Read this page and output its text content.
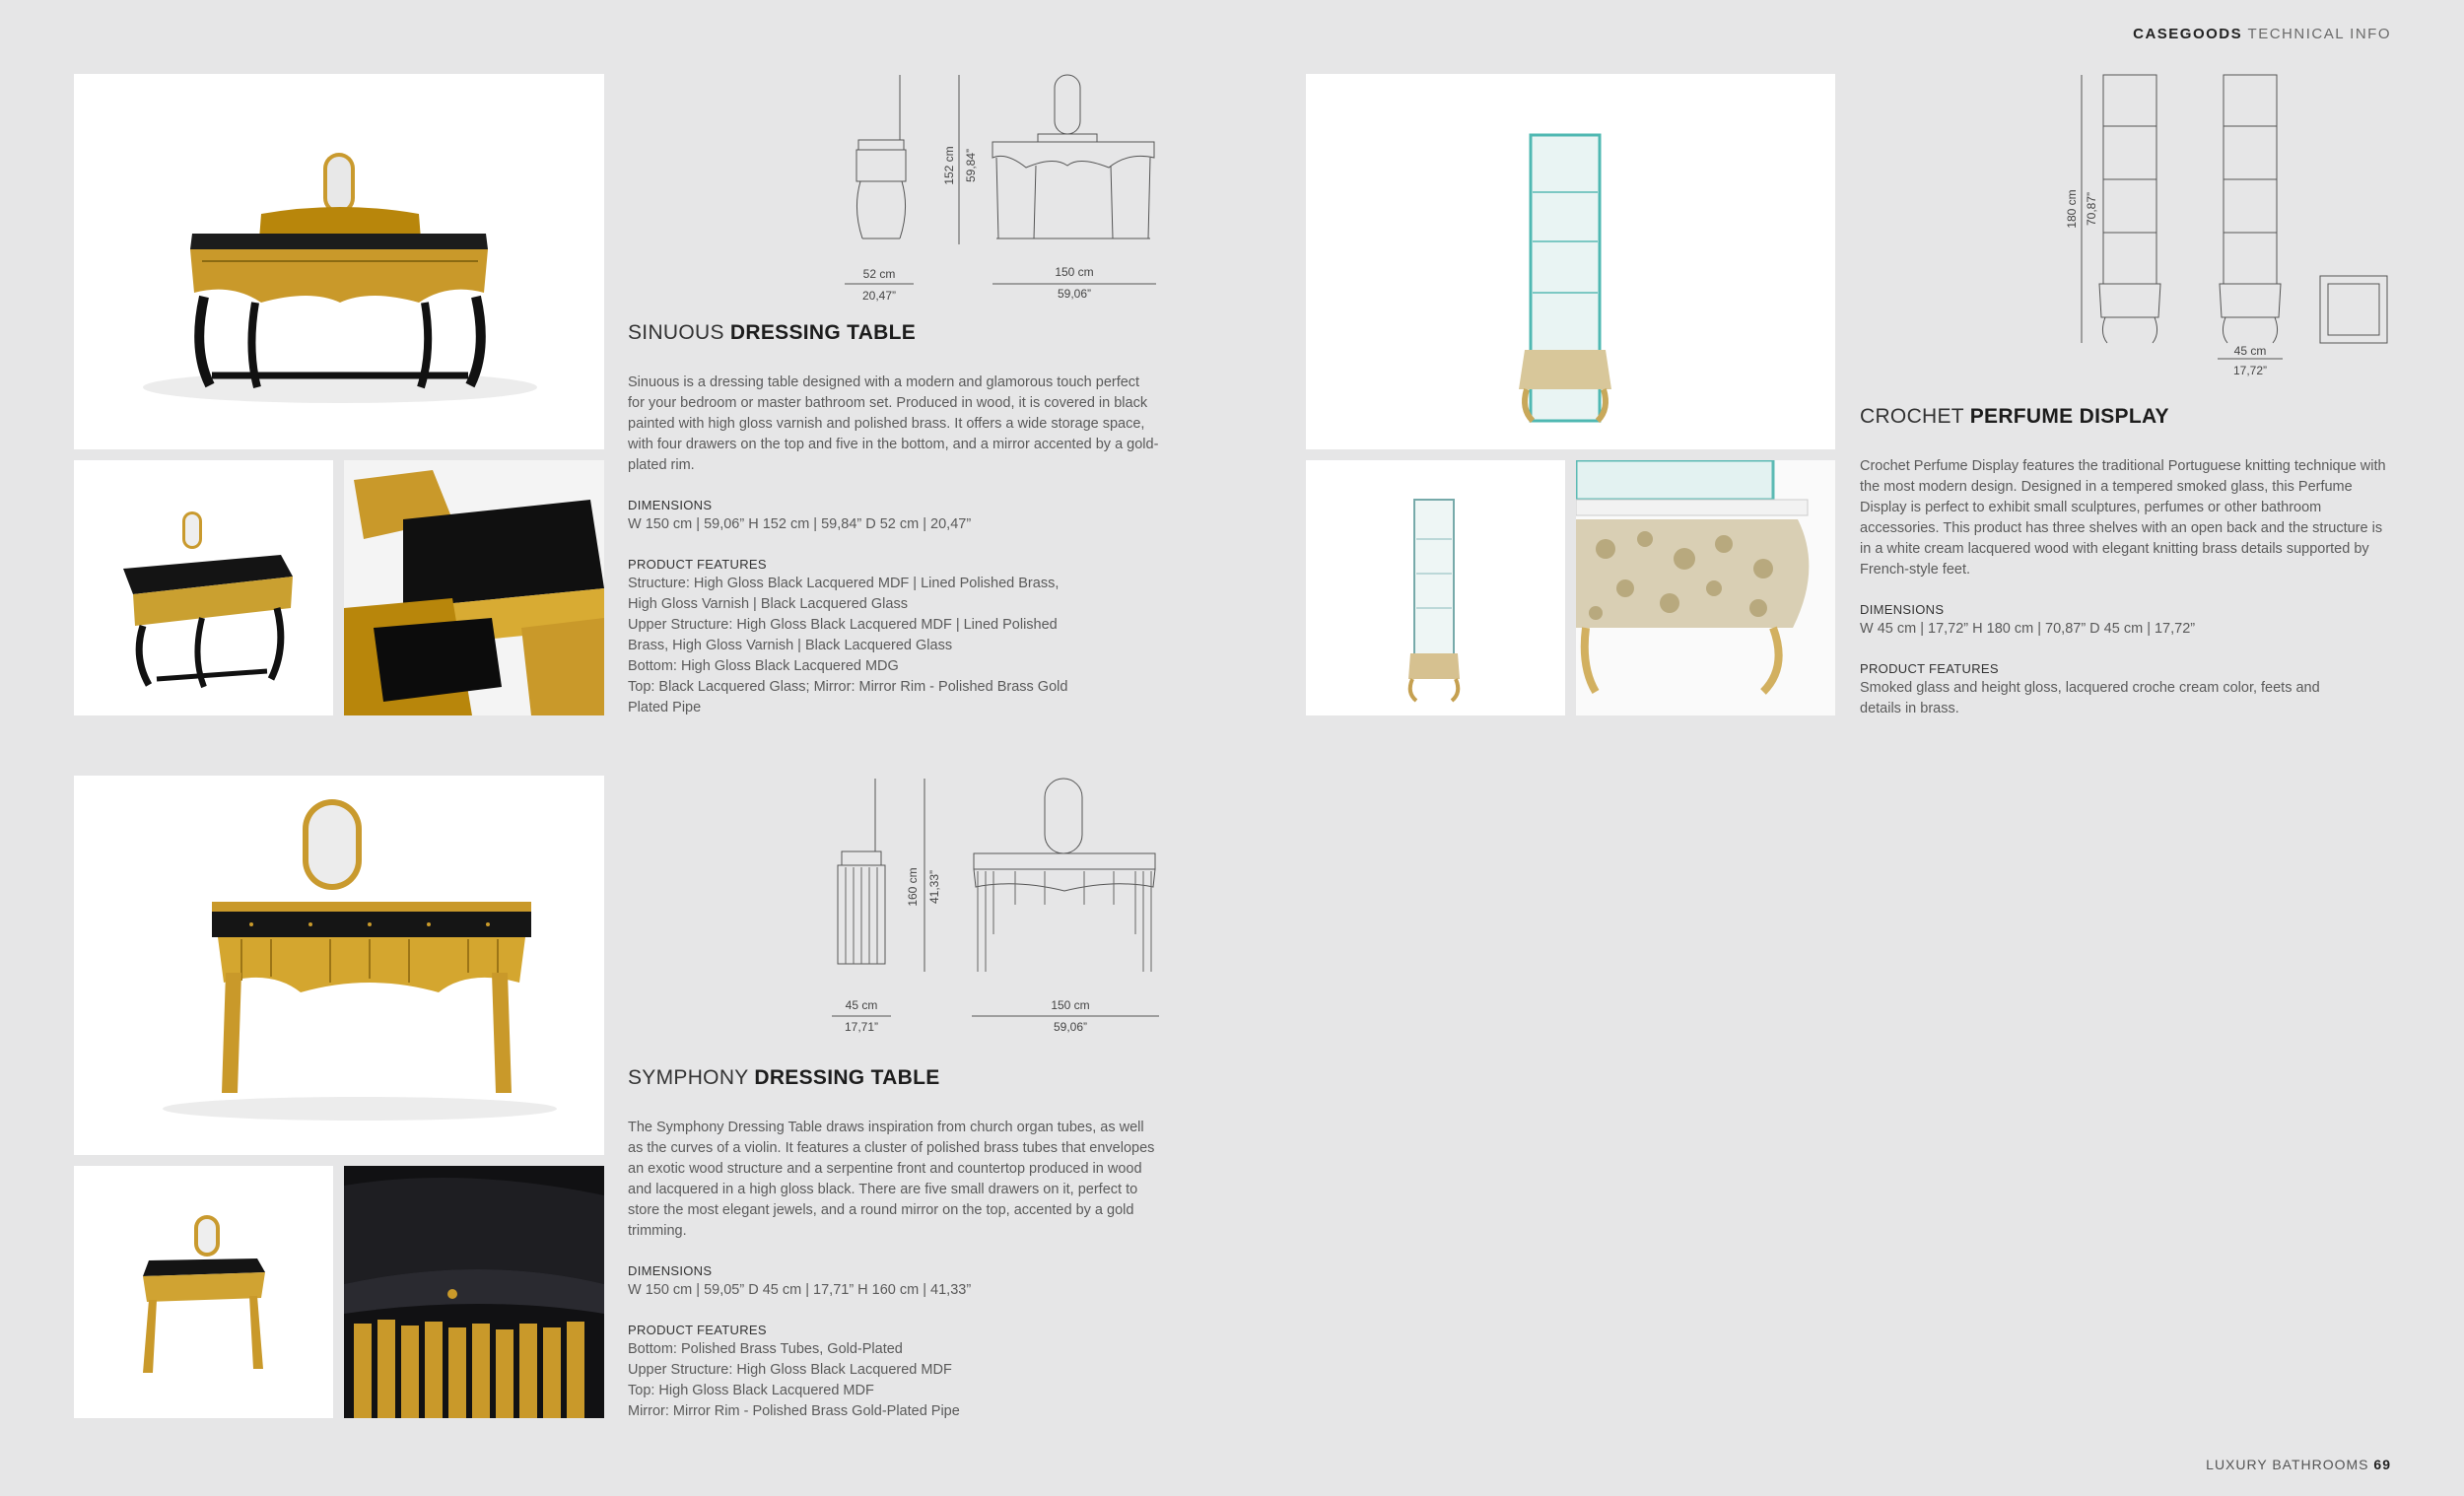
CASEGOODS TECHNICAL INFO
LUXURY BATHROOMS 69
52 cm
20,47”
150 cm
59,06”
152 cm 59,84”
SINUOUS DRESSING TABLE

Sinuous is a dressing table designed with a modern and glamorous touch perfect for your bedroom or master bathroom set. Produced in wood, it is covered in black painted with high gloss varnish and polished brass. It offers a wide storage space, with four drawers on the top and five in the bottom, and a mirror accented by a gold-plated rim.

DIMENSIONS
W 150 cm | 59,06” H 152 cm | 59,84” D 52 cm | 20,47”
PRODUCT FEATURES
Structure: High Gloss Black Lacquered MDF | Lined Polished Brass,
High Gloss Varnish | Black Lacquered Glass
Upper Structure: High Gloss Black Lacquered MDF | Lined Polished
Brass, High Gloss Varnish | Black Lacquered Glass
Bottom: High Gloss Black Lacquered MDG
Top: Black Lacquered Glass; Mirror: Mirror Rim - Polished Brass Gold
Plated Pipe
45 cm
17,72”
180 cm 70,87”
CROCHET PERFUME DISPLAY

Crochet Perfume Display features the traditional Portuguese knitting technique with the most modern design. Designed in a tempered smoked glass, this Perfume Display is perfect to exhibit small sculptures, perfumes or other bathroom accessories. This product has three shelves with an open back and the structure is in a white cream lacquered wood with elegant knitting brass details supported by French-style feet.

DIMENSIONS
W 45 cm | 17,72” H 180 cm | 70,87” D 45 cm | 17,72”
PRODUCT FEATURES
Smoked glass and height gloss, lacquered croche cream color, feets and
details in brass.
45 cm
17,71”
150 cm
59,06”
160 cm 41,33”
SYMPHONY DRESSING TABLE

The Symphony Dressing Table draws inspiration from church organ tubes, as well as the curves of a violin. It features a cluster of polished brass tubes that envelopes an exotic wood structure and a serpentine front and countertop produced in wood and lacquered in a high gloss black. There are five small drawers on it, perfect to store the most elegant jewels, and a round mirror on the top, accented by a gold trimming.

DIMENSIONS
W 150 cm | 59,05” D 45 cm | 17,71” H 160 cm | 41,33”
PRODUCT FEATURES
Bottom: Polished Brass Tubes, Gold-Plated
Upper Structure: High Gloss Black Lacquered MDF
Top: High Gloss Black Lacquered MDF
Mirror: Mirror Rim - Polished Brass Gold-Plated Pipe
